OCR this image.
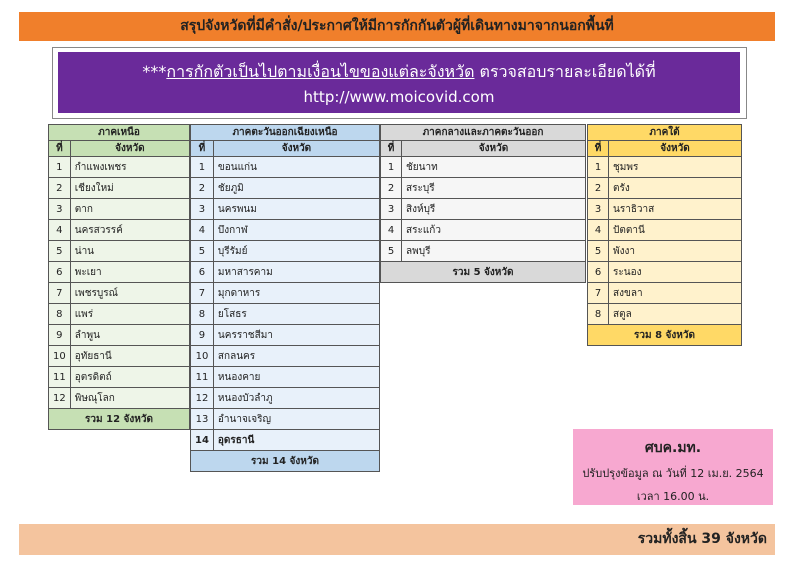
สรุปจังหวัดที่มีคำสั่ง/ประกาศให้มีการกักกันตัวผู้ที่เดินทางมาจากนอกพื้นที่
***การกักตัวเป็นไปตามเงื่อนไขของแต่ละจังหวัด ตรวจสอบรายละเอียดได้ที่
http://www.moicovid.com
ภาคเหนือ	
ที่	จังหวัด
1	กำแพงเพชร
2	เชียงใหม่
3	ตาก
4	นครสวรรค์
5	น่าน
6	พะเยา
7	เพชรบูรณ์
8	แพร่
9	ลำพูน
10	อุทัยธานี
11	อุตรดิตถ์
12	พิษณุโลก
รวม 12 จังหวัด	
ภาคตะวันออกเฉียงเหนือ	
ที่	จังหวัด
1	ขอนแก่น
2	ชัยภูมิ
3	นครพนม
4	บึงกาฬ
5	บุรีรัมย์
6	มหาสารคาม
7	มุกดาหาร
8	ยโสธร
9	นครราชสีมา
10	สกลนคร
11	หนองคาย
12	หนองบัวลำภู
13	อำนาจเจริญ
14	อุดรธานี
รวม 14 จังหวัด	
ภาคกลางและภาคตะวันออก	
ที่	จังหวัด
1	ชัยนาท
2	สระบุรี
3	สิงห์บุรี
4	สระแก้ว
5	ลพบุรี
รวม 5 จังหวัด	
ภาคใต้	
ที่	จังหวัด
1	ชุมพร
2	ตรัง
3	นราธิวาส
4	ปัตตานี
5	พังงา
6	ระนอง
7	สงขลา
8	สตูล
รวม 8 จังหวัด	
ศบค.มท.
ปรับปรุงข้อมูล ณ วันที่ 12 เม.ย. 2564
เวลา 16.00 น.
รวมทั้งสิ้น 39 จังหวัด
